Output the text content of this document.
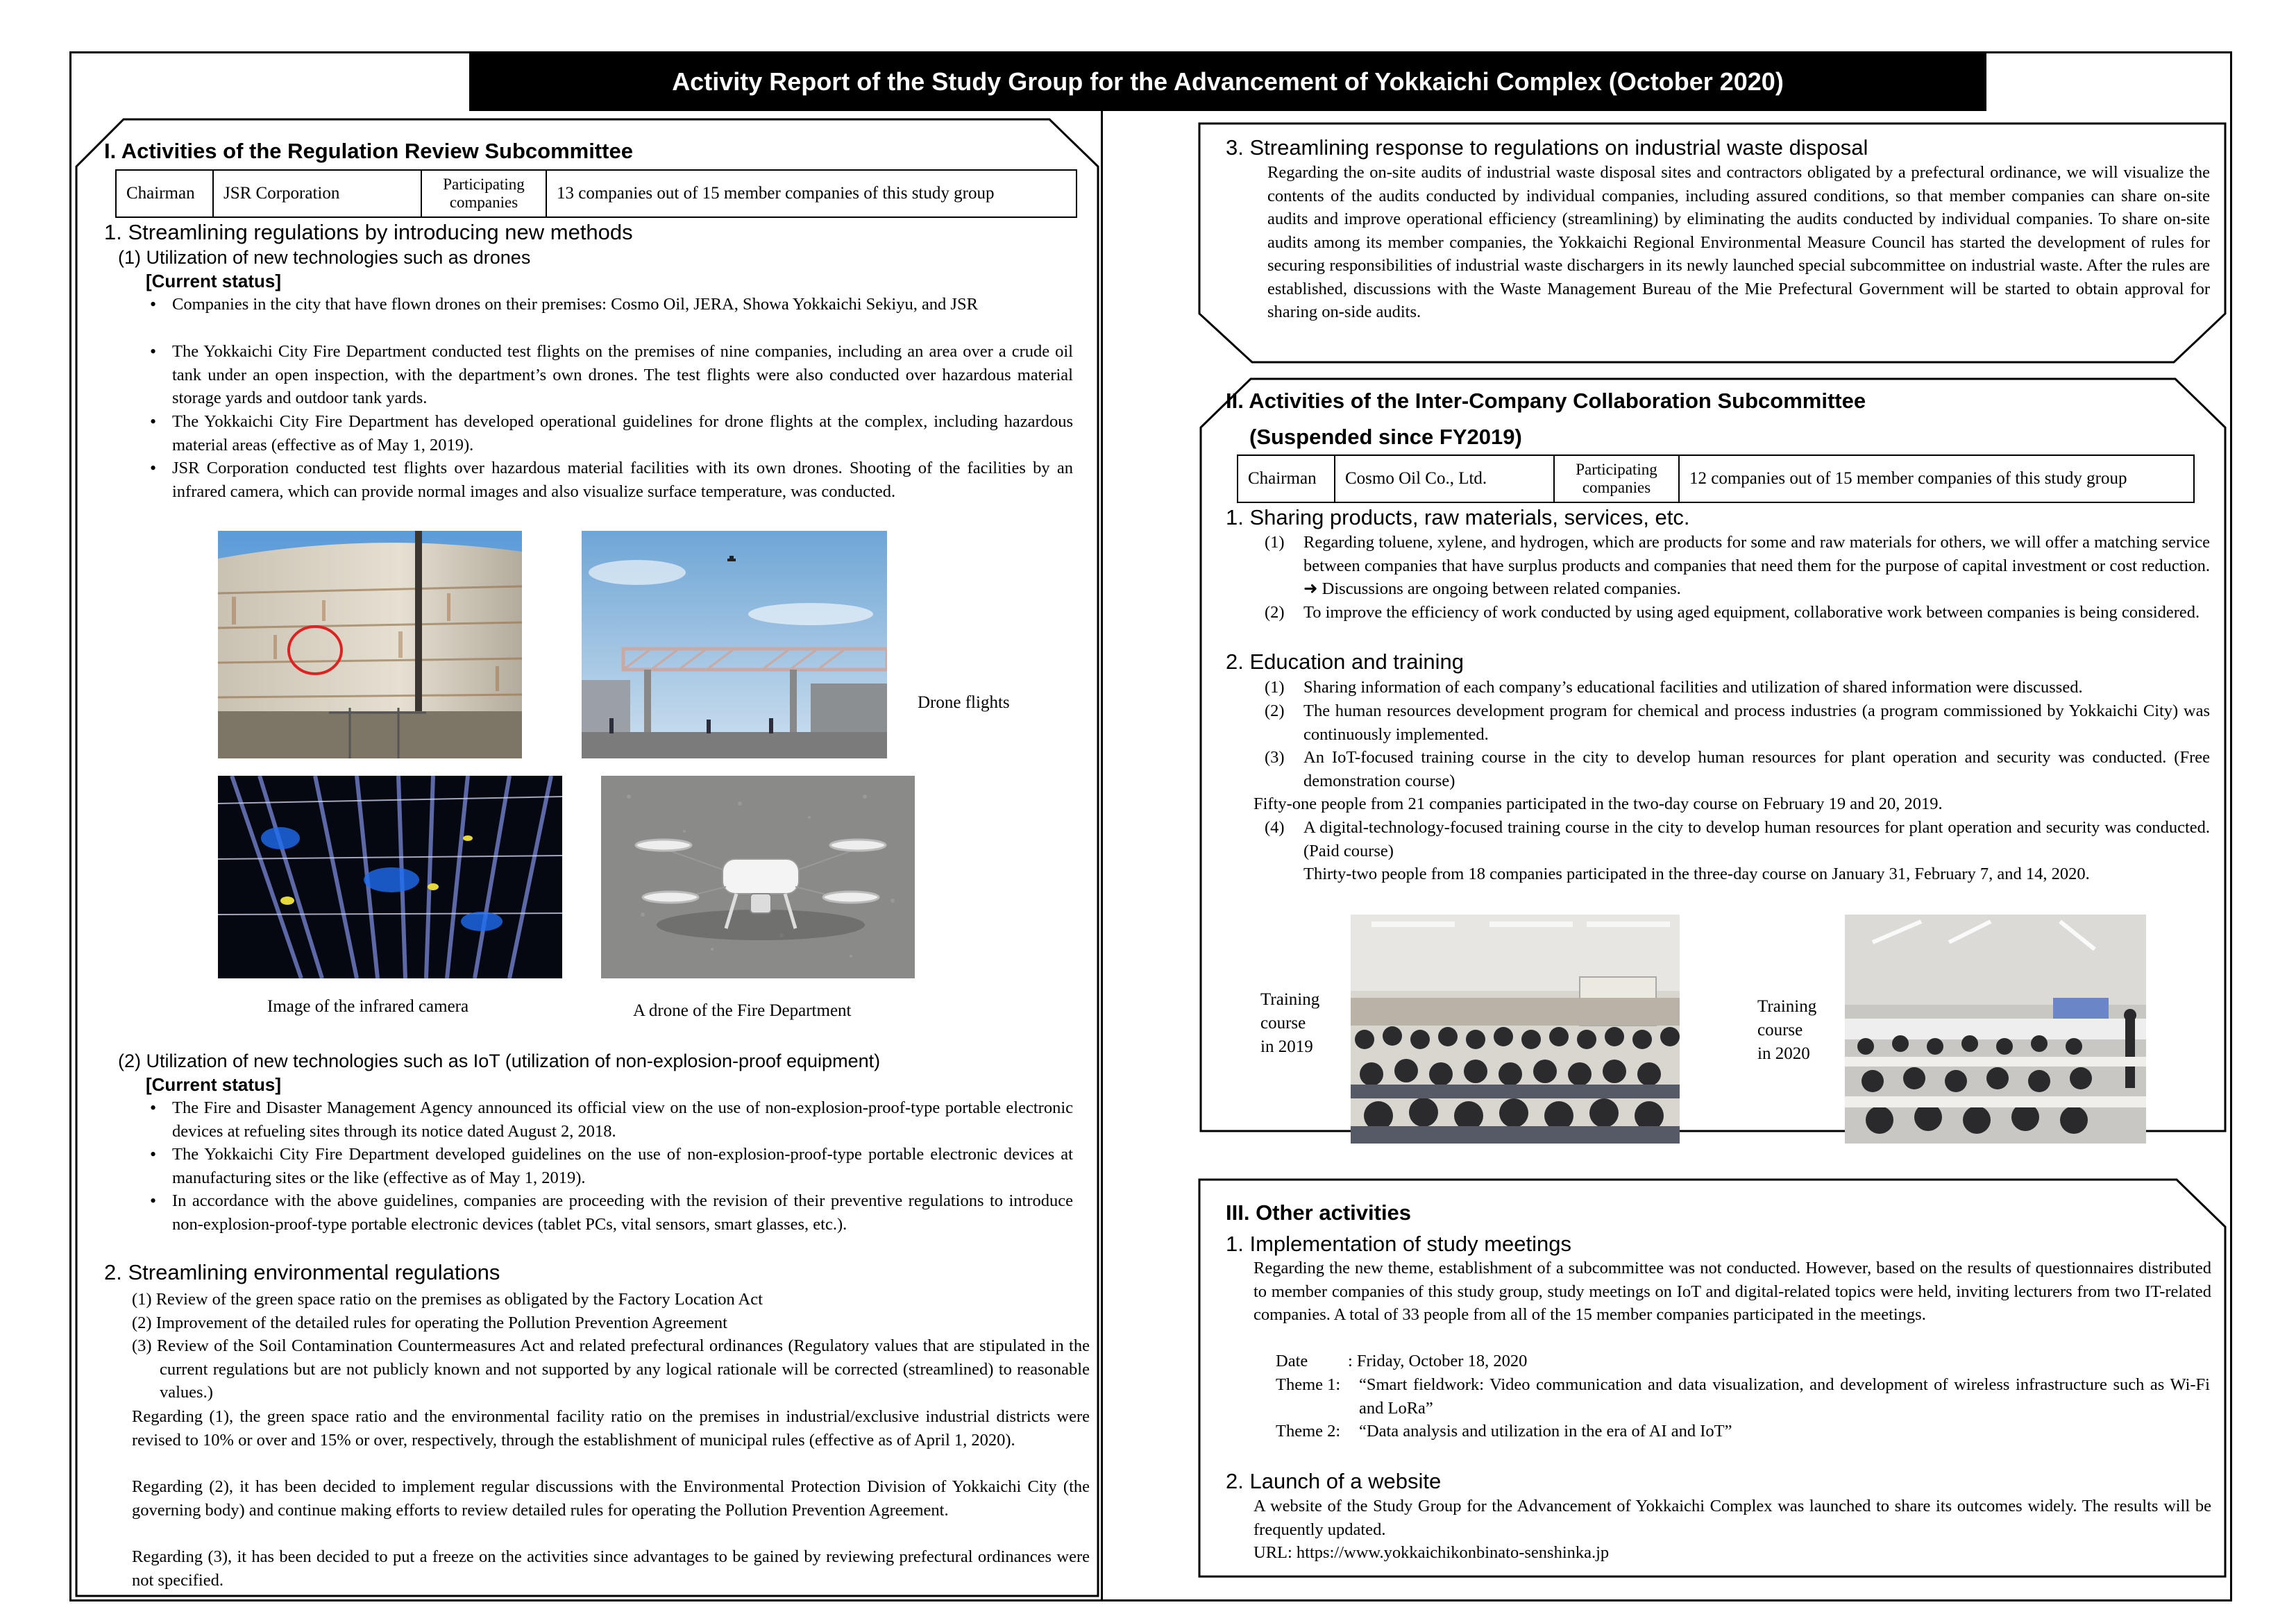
Activity Report of the Study Group for the Advancement of Yokkaichi Complex (October 2020)
I. Activities of the Regulation Review Subcommittee
Chairman	JSR Corporation	Participating companies	13 companies out of 15 member companies of this study group
1. Streamlining regulations by introducing new methods
(1) Utilization of new technologies such as drones
[Current status]
• Companies in the city that have flown drones on their premises: Cosmo Oil, JERA, Showa Yokkaichi Sekiyu, and JSR
• The Yokkaichi City Fire Department conducted test flights on the premises of nine companies, including an area over a crude oil tank under an open inspection, with the department’s own drones. The test flights were also conducted over hazardous material storage yards and outdoor tank yards.
• The Yokkaichi City Fire Department has developed operational guidelines for drone flights at the complex, including hazardous material areas (effective as of May 1, 2019).
• JSR Corporation conducted test flights over hazardous material facilities with its own drones. Shooting of the facilities by an infrared camera, which can provide normal images and also visualize surface temperature, was conducted.
Drone flights
Image of the infrared camera	A drone of the Fire Department
(2) Utilization of new technologies such as IoT (utilization of non-explosion-proof equipment)
[Current status]
• The Fire and Disaster Management Agency announced its official view on the use of non-explosion-proof-type portable electronic devices at refueling sites through its notice dated August 2, 2018.
• The Yokkaichi City Fire Department developed guidelines on the use of non-explosion-proof-type portable electronic devices at manufacturing sites or the like (effective as of May 1, 2019).
• In accordance with the above guidelines, companies are proceeding with the revision of their preventive regulations to introduce non-explosion-proof-type portable electronic devices (tablet PCs, vital sensors, smart glasses, etc.).
2. Streamlining environmental regulations
(1) Review of the green space ratio on the premises as obligated by the Factory Location Act
(2) Improvement of the detailed rules for operating the Pollution Prevention Agreement
(3) Review of the Soil Contamination Countermeasures Act and related prefectural ordinances (Regulatory values that are stipulated in the current regulations but are not publicly known and not supported by any logical rationale will be corrected (streamlined) to reasonable values.)
Regarding (1), the green space ratio and the environmental facility ratio on the premises in industrial/exclusive industrial districts were revised to 10% or over and 15% or over, respectively, through the establishment of municipal rules (effective as of April 1, 2020).
Regarding (2), it has been decided to implement regular discussions with the Environmental Protection Division of Yokkaichi City (the governing body) and continue making efforts to review detailed rules for operating the Pollution Prevention Agreement.
Regarding (3), it has been decided to put a freeze on the activities since advantages to be gained by reviewing prefectural ordinances were not specified.
3. Streamlining response to regulations on industrial waste disposal
Regarding the on-site audits of industrial waste disposal sites and contractors obligated by a prefectural ordinance, we will visualize the contents of the audits conducted by individual companies, including assured conditions, so that member companies can share on-site audits and improve operational efficiency (streamlining) by eliminating the audits conducted by individual companies. To share on-site audits among its member companies, the Yokkaichi Regional Environmental Measure Council has started the development of rules for securing responsibilities of industrial waste dischargers in its newly launched special subcommittee on industrial waste. After the rules are established, discussions with the Waste Management Bureau of the Mie Prefectural Government will be started to obtain approval for sharing on-side audits.
II. Activities of the Inter-Company Collaboration Subcommittee
(Suspended since FY2019)
Chairman	Cosmo Oil Co., Ltd.	Participating companies	12 companies out of 15 member companies of this study group
1. Sharing products, raw materials, services, etc.
(1) Regarding toluene, xylene, and hydrogen, which are products for some and raw materials for others, we will offer a matching service between companies that have surplus products and companies that need them for the purpose of capital investment or cost reduction. ➜ Discussions are ongoing between related companies.
(2) To improve the efficiency of work conducted by using aged equipment, collaborative work between companies is being considered.
2. Education and training
(1) Sharing information of each company’s educational facilities and utilization of shared information were discussed.
(2) The human resources development program for chemical and process industries (a program commissioned by Yokkaichi City) was continuously implemented.
(3) An IoT-focused training course in the city to develop human resources for plant operation and security was conducted. (Free demonstration course)
Fifty-one people from 21 companies participated in the two-day course on February 19 and 20, 2019.
(4) A digital-technology-focused training course in the city to develop human resources for plant operation and security was conducted. (Paid course)
Thirty-two people from 18 companies participated in the three-day course on January 31, February 7, and 14, 2020.
Training
course
in 2019
Training
course
in 2020
III. Other activities
1. Implementation of study meetings
Regarding the new theme, establishment of a subcommittee was not conducted. However, based on the results of questionnaires distributed to member companies of this study group, study meetings on IoT and digital-related topics were held, inviting lecturers from two IT-related companies. A total of 33 people from all of the 15 member companies participated in the meetings.
Date : Friday, October 18, 2020
Theme 1: “Smart fieldwork: Video communication and data visualization, and development of wireless infrastructure such as Wi-Fi and LoRa”
Theme 2: “Data analysis and utilization in the era of AI and IoT”
2. Launch of a website
A website of the Study Group for the Advancement of Yokkaichi Complex was launched to share its outcomes widely. The results will be frequently updated.
URL: https://www.yokkaichikonbinato-senshinka.jp
